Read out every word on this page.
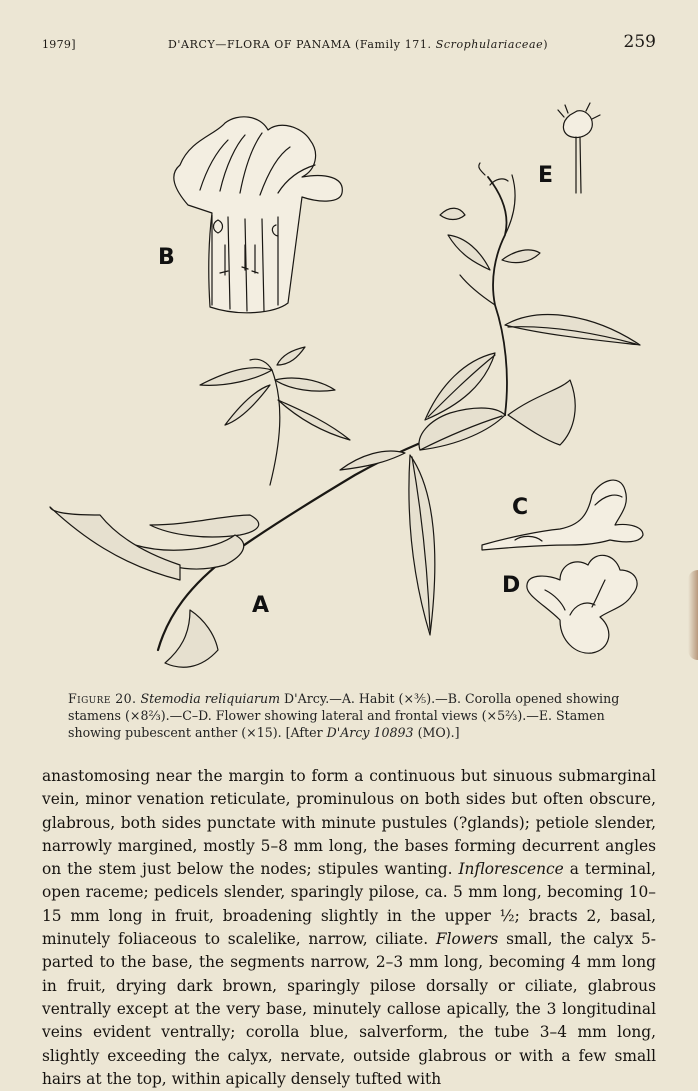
1979]	D'ARCY—FLORA OF PANAMA (Family 171. Scrophulariaceae)	259
B
E
A
C
D
Figure 20. Stemodia reliquiarum D'Arcy.—A. Habit (×⅗).—B. Corolla opened showing stamens (×8⅔).—C–D. Flower showing lateral and frontal views (×5⅔).—E. Stamen showing pubescent anther (×15). [After D'Arcy 10893 (MO).]
anastomosing near the margin to form a continuous but sinuous submarginal vein, minor venation reticulate, prominulous on both sides but often obscure, glabrous, both sides punctate with minute pustules (?glands); petiole slender, narrowly margined, mostly 5–8 mm long, the bases forming decurrent angles on the stem just below the nodes; stipules wanting. Inflorescence a terminal, open raceme; pedicels slender, sparingly pilose, ca. 5 mm long, becoming 10–15 mm long in fruit, broadening slightly in the upper ½; bracts 2, basal, minutely foliaceous to scalelike, narrow, ciliate. Flowers small, the calyx 5-parted to the base, the segments narrow, 2–3 mm long, becoming 4 mm long in fruit, drying dark brown, sparingly pilose dorsally or ciliate, glabrous ventrally except at the very base, minutely callose apically, the 3 longitudinal veins evident ventrally; corolla blue, salverform, the tube 3–4 mm long, slightly exceeding the calyx, nervate, outside glabrous or with a few small hairs at the top, within apically densely tufted with
